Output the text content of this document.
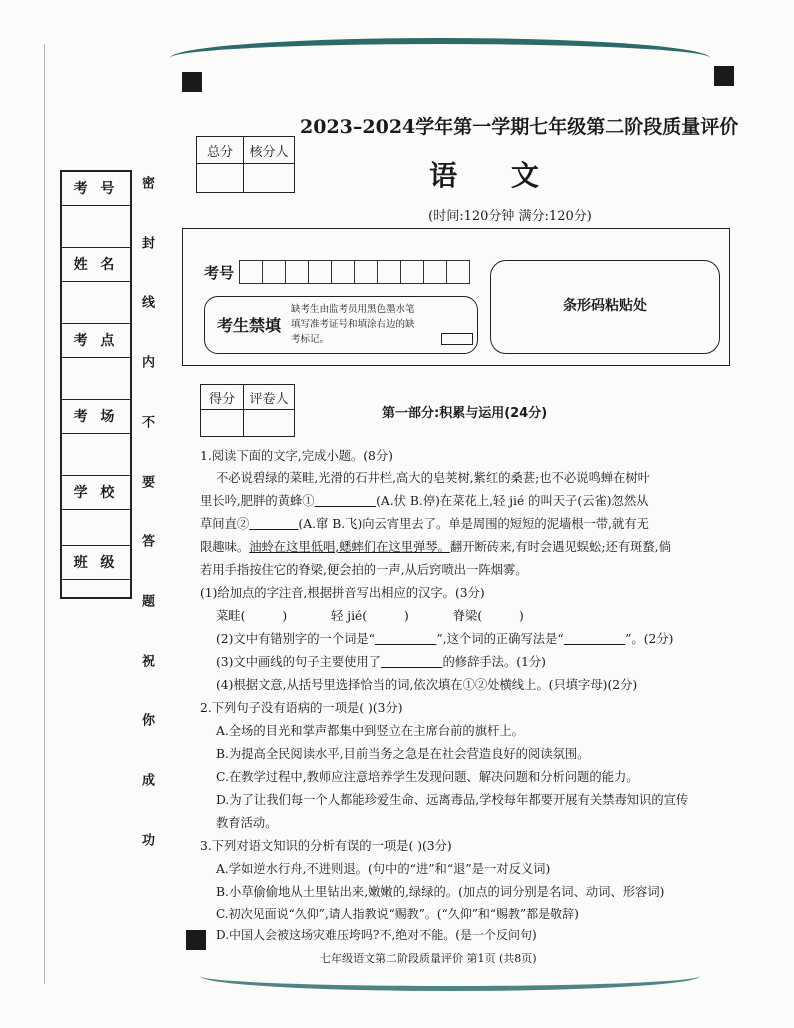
考 号
姓 名
考 点
考 场
学 校
班 级
密
封
线
内
不
要
答
题
祝
你
成
功
总分	核分人

2023–2024学年第一学期七年级第二阶段质量评价
语 文
(时间:120分钟 满分:120分)
考号
条形码粘贴处
考生禁填
缺考生由监考员用黑色墨水笔
填写准考证号和填涂右边的缺
考标记。
得分	评卷人

第一部分:积累与运用(24分)
1.阅读下面的文字,完成小题。(8分)
不必说碧绿的菜畦,光滑的石井栏,高大的皂荚树,紫红的桑葚;也不必说鸣蝉在树叶
里长吟,肥胖的黄蜂①　　　　　	(A.伏 B.停)在菜花上,轻 jié 的叫天子(云雀)忽然从
草间直②　　　　	(A.窜 B.飞)向云宵里去了。单是周围的短短的泥墙根一带,就有无
限趣味。油蛉在这里低唱,蟋蟀们在这里弹琴。翻开断砖来,有时会遇见蜈蚣;还有斑蝥,倘
若用手指按住它的脊梁,便会拍的一声,从后窍喷出一阵烟雾。
(1)给加点的字注音,根据拼音写出相应的汉字。(3分)
菜畦(　　　	)	轻 jié(　　　	)	脊梁(　　　	)
(2)文中有错别字的一个词是“　　　　　	”,这个词的正确写法是“　　　　　	”。(2分)
(3)文中画线的句子主要使用了　　　　　	的修辞手法。(1分)
(4)根据文意,从括号里选择恰当的词,依次填在①②处横线上。(只填字母)(2分)
2.下列句子没有语病的一项是( )(3分)
A.全场的目光和掌声都集中到竖立在主席台前的旗杆上。
B.为提高全民阅读水平,目前当务之急是在社会营造良好的阅读氛围。
C.在教学过程中,教师应注意培养学生发现问题、解决问题和分析问题的能力。
D.为了让我们每一个人都能珍爱生命、远离毒品,学校每年都要开展有关禁毒知识的宣传
教育活动。
3.下列对语文知识的分析有误的一项是( )(3分)
A.学如逆水行舟,不进则退。(句中的“进”和“退”是一对反义词)
B.小草偷偷地从土里钻出来,嫩嫩的,绿绿的。(加点的词分别是名词、动词、形容词)
C.初次见面说“久仰”,请人指教说“赐教”。(“久仰”和“赐教”都是敬辞)
D.中国人会被这场灾难压垮吗?不,绝对不能。(是一个反问句)
七年级语文第二阶段质量评价 第1页 (共8页)
